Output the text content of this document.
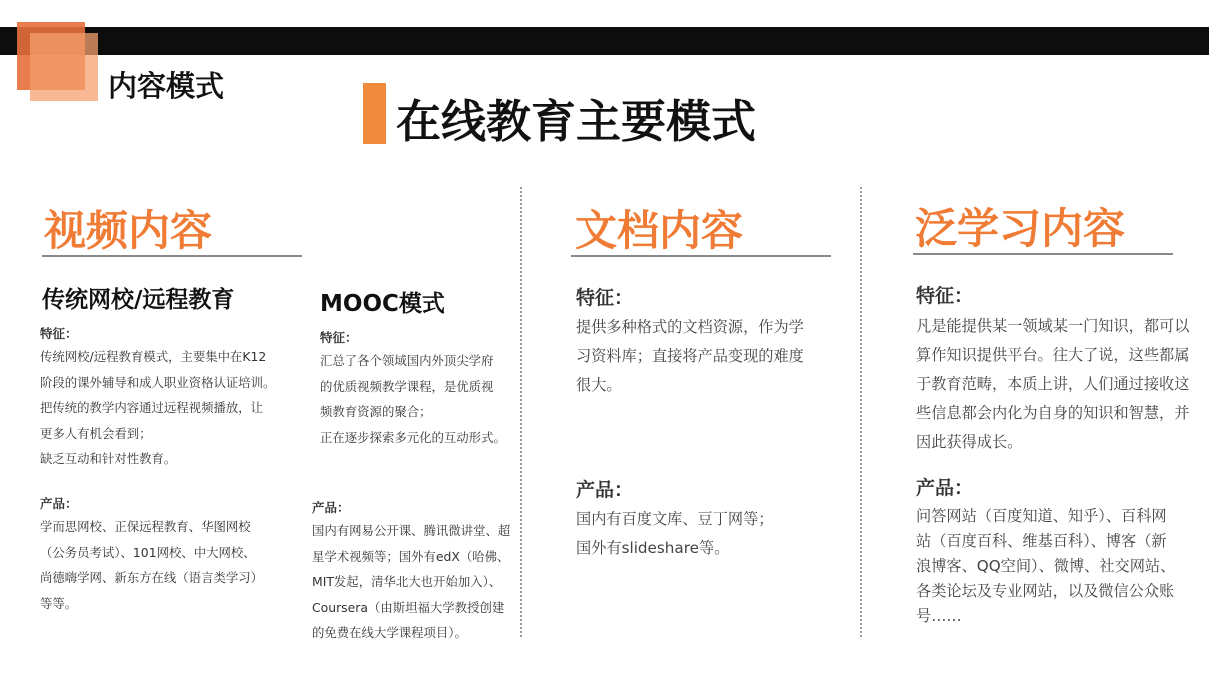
内容模式
在线教育主要模式
视频内容
传统网校/远程教育
特征：
传统网校/远程教育模式，主要集中在K12
阶段的课外辅导和成人职业资格认证培训。
把传统的教学内容通过远程视频播放，让
更多人有机会看到；
缺乏互动和针对性教育。
产品：
学而思网校、正保远程教育、华图网校
（公务员考试）、101网校、中大网校、
尚德嗨学网、新东方在线（语言类学习）
等等。
MOOC模式
特征：
汇总了各个领域国内外顶尖学府
的优质视频教学课程，是优质视
频教育资源的聚合；
正在逐步探索多元化的互动形式。
产品：
国内有网易公开课、腾讯微讲堂、超
星学术视频等；国外有edX（哈佛、
MIT发起，清华北大也开始加入）、
Coursera（由斯坦福大学教授创建
的免费在线大学课程项目）。
文档内容
特征：
提供多种格式的文档资源，作为学
习资料库；直接将产品变现的难度
很大。
产品：
国内有百度文库、豆丁网等；
国外有slideshare等。
泛学习内容
特征：
凡是能提供某一领域某一门知识，都可以
算作知识提供平台。往大了说，这些都属
于教育范畴，本质上讲，人们通过接收这
些信息都会内化为自身的知识和智慧，并
因此获得成长。
产品：
问答网站（百度知道、知乎）、百科网
站（百度百科、维基百科）、博客（新
浪博客、QQ空间）、微博、社交网站、
各类论坛及专业网站，以及微信公众账
号……
